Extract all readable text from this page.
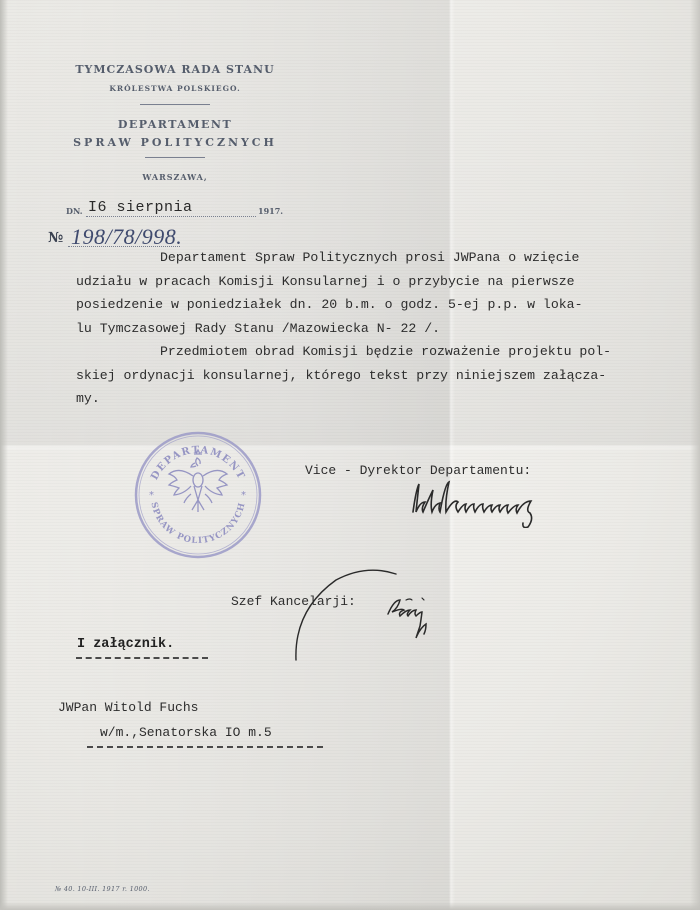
TYMCZASOWA RADA STANU
KRÓLESTWA POLSKIEGO.
DEPARTAMENT
SPRAW POLITYCZNYCH
WARSZAWA,
DN. I6 sierpnia	1917.
№ 198/78/998.
Departament Spraw Politycznych prosi JWPana o wzięcie
udziału w pracach Komisji Konsularnej i o przybycie na pierwsze
posiedzenie w poniedziałek dn. 20 b.m. o godz. 5-ej p.p. w loka-
lu Tymczasowej Rady Stanu /Mazowiecka N- 22 /.
Przedmiotem obrad Komisji będzie rozważenie projektu pol-
skiej ordynacji konsularnej, którego tekst przy niniejszem załącza-
my.
DEPARTAMENT
SPRAW POLITYCZNYCH
*	*
Vice - Dyrektor Departamentu:
Szef Kancelarji:
I załącznik.
JWPan Witold Fuchs
w/m.,Senatorska IO m.5
№ 40. 10-III. 1917 r. 1000.
